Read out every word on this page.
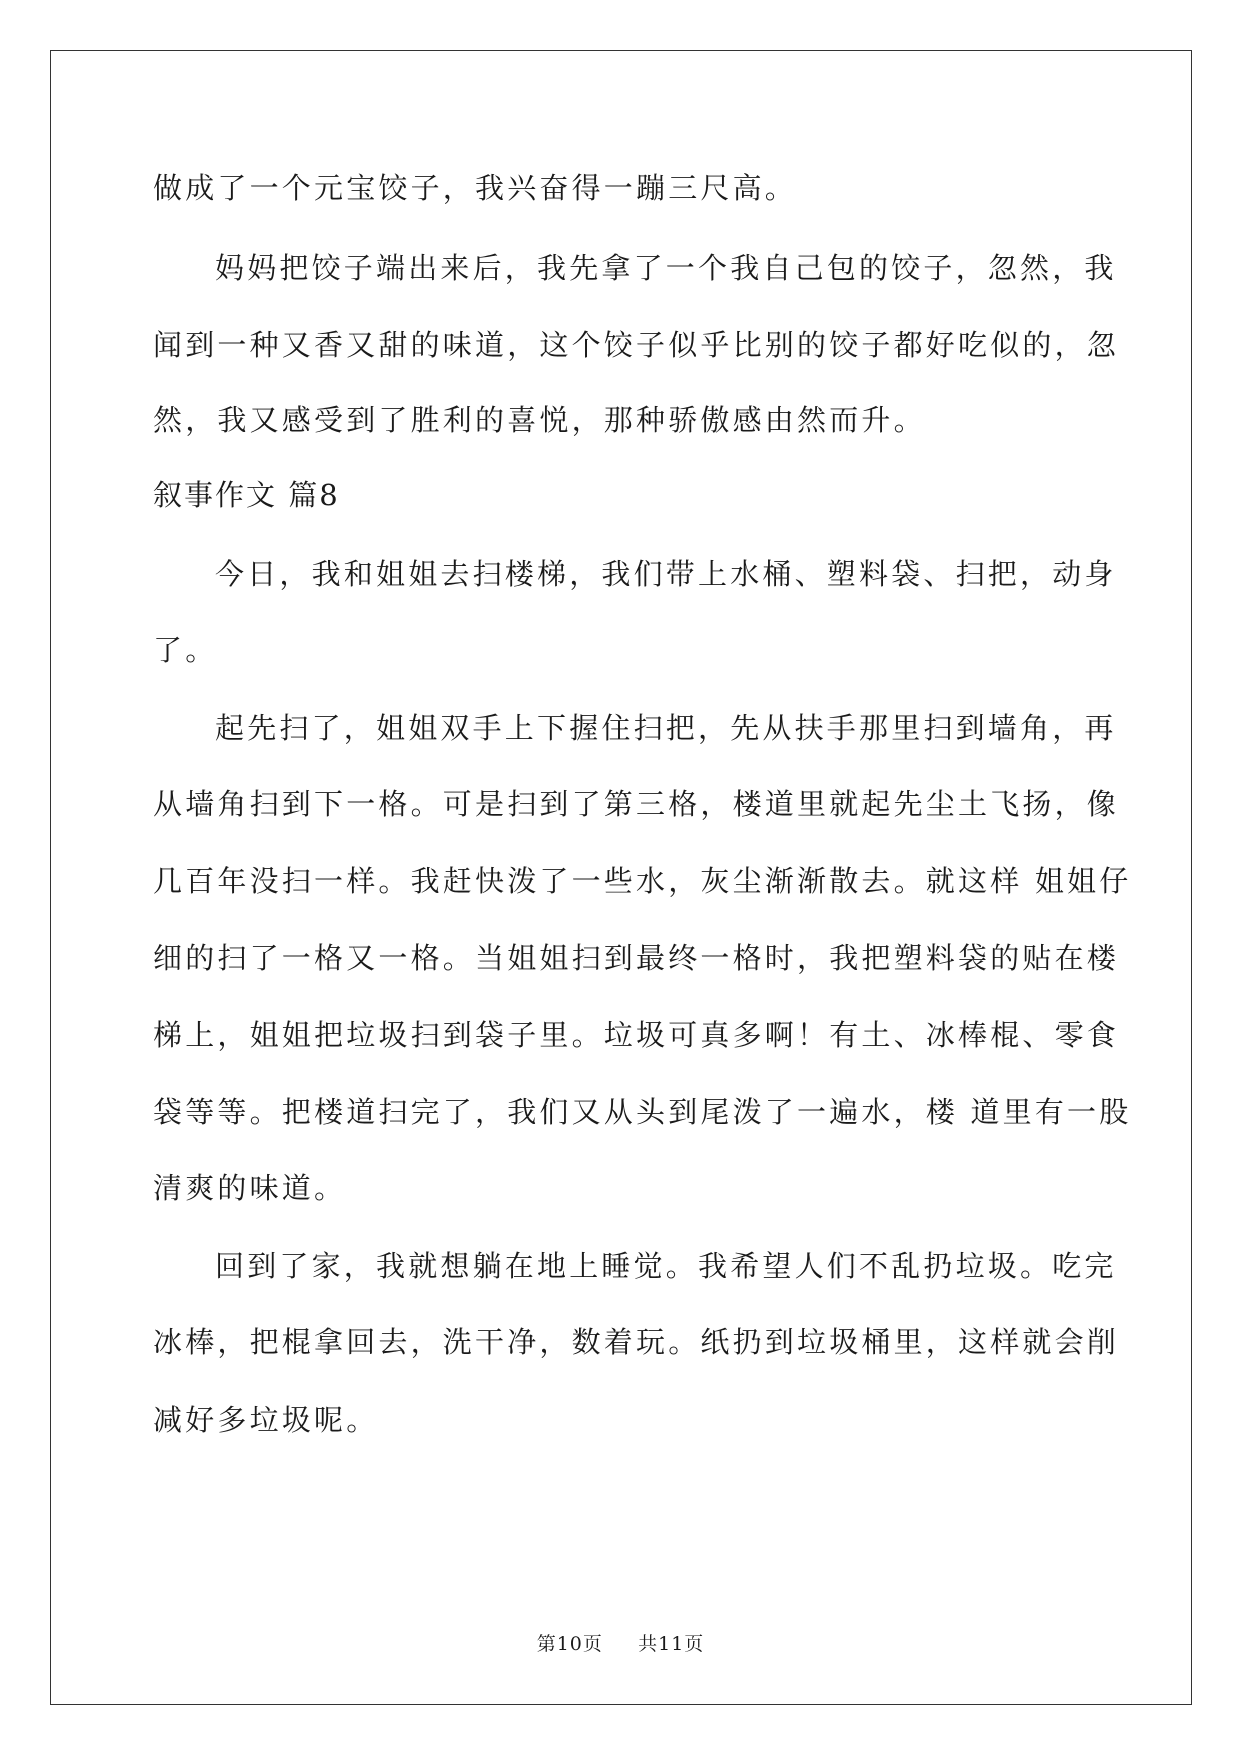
做成了一个元宝饺子，我兴奋得一蹦三尺高。
妈妈把饺子端出来后，我先拿了一个我自己包的饺子，忽然，我
闻到一种又香又甜的味道，这个饺子似乎比别的饺子都好吃似的，忽
然，我又感受到了胜利的喜悦，那种骄傲感由然而升。
叙事作文 篇8
今日，我和姐姐去扫楼梯，我们带上水桶、塑料袋、扫把，动身
了。
起先扫了，姐姐双手上下握住扫把，先从扶手那里扫到墙角，再
从墙角扫到下一格。可是扫到了第三格，楼道里就起先尘土飞扬，像
几百年没扫一样。我赶快泼了一些水，灰尘渐渐散去。就这样 姐姐仔
细的扫了一格又一格。当姐姐扫到最终一格时，我把塑料袋的贴在楼
梯上，姐姐把垃圾扫到袋子里。垃圾可真多啊！有土、冰棒棍、零食
袋等等。把楼道扫完了，我们又从头到尾泼了一遍水，楼 道里有一股
清爽的味道。
回到了家，我就想躺在地上睡觉。我希望人们不乱扔垃圾。吃完
冰棒，把棍拿回去，洗干净，数着玩。纸扔到垃圾桶里，这样就会削
减好多垃圾呢。
第10页 共11页
